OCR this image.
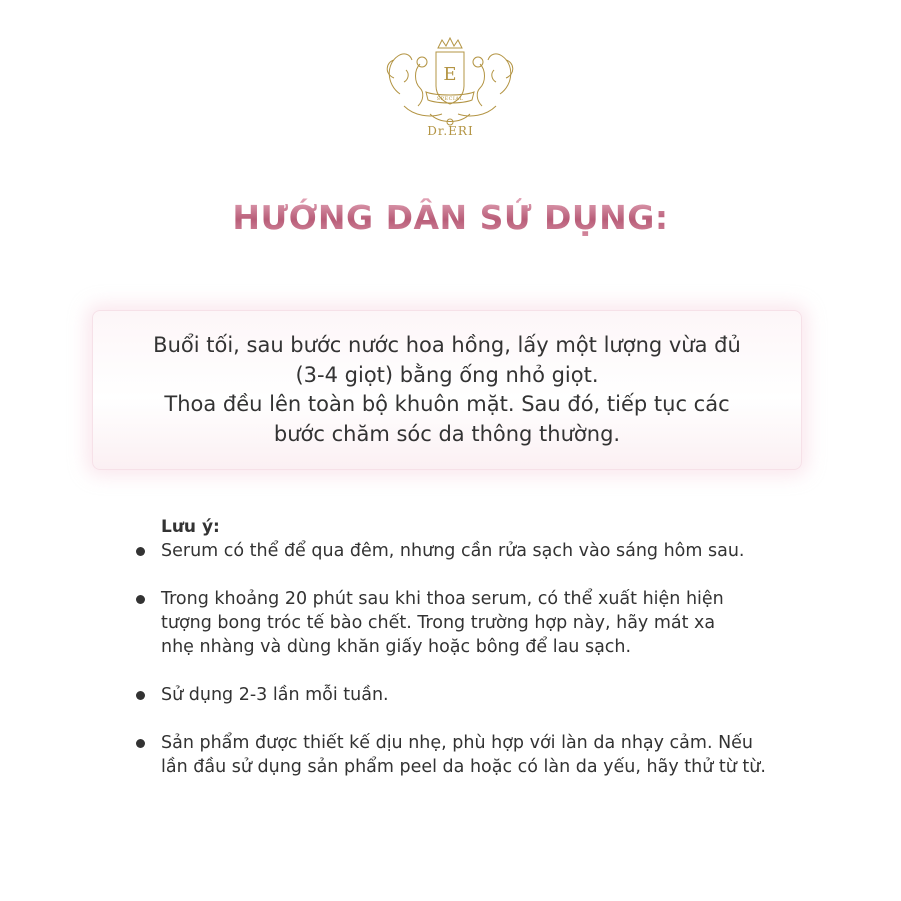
E
SPECIAL
Dr.ERI
HƯỚNG DẪN SỬ DỤNG:
Buổi tối, sau bước nước hoa hồng, lấy một lượng vừa đủ
(3-4 giọt) bằng ống nhỏ giọt.
Thoa đều lên toàn bộ khuôn mặt. Sau đó, tiếp tục các
bước chăm sóc da thông thường.
Lưu ý:
Serum có thể để qua đêm, nhưng cần rửa sạch vào sáng hôm sau.
Trong khoảng 20 phút sau khi thoa serum, có thể xuất hiện hiện
tượng bong tróc tế bào chết. Trong trường hợp này, hãy mát xa
nhẹ nhàng và dùng khăn giấy hoặc bông để lau sạch.
Sử dụng 2-3 lần mỗi tuần.
Sản phẩm được thiết kế dịu nhẹ, phù hợp với làn da nhạy cảm. Nếu
lần đầu sử dụng sản phẩm peel da hoặc có làn da yếu, hãy thử từ từ.
